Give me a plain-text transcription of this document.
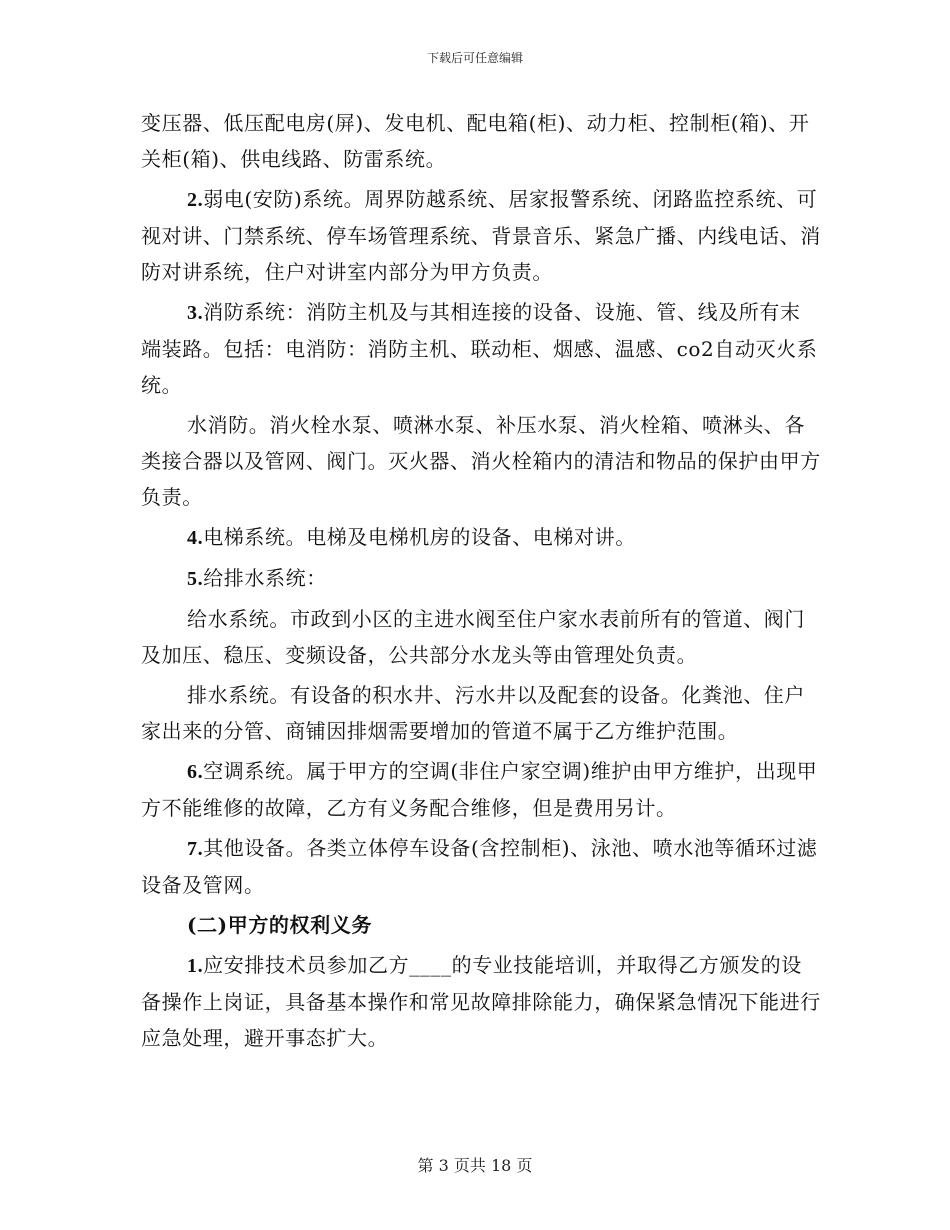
下载后可任意编辑

变压器、低压配电房(屏)、发电机、配电箱(柜)、动力柜、控制柜(箱)、开关柜(箱)、供电线路、防雷系统。

2.弱电(安防)系统。周界防越系统、居家报警系统、闭路监控系统、可视对讲、门禁系统、停车场管理系统、背景音乐、紧急广播、内线电话、消防对讲系统，住户对讲室内部分为甲方负责。

3.消防系统：消防主机及与其相连接的设备、设施、管、线及所有末端装路。包括：电消防：消防主机、联动柜、烟感、温感、co2自动灭火系统。

水消防。消火栓水泵、喷淋水泵、补压水泵、消火栓箱、喷淋头、各类接合器以及管网、阀门。灭火器、消火栓箱内的清洁和物品的保护由甲方负责。

4.电梯系统。电梯及电梯机房的设备、电梯对讲。

5.给排水系统：

给水系统。市政到小区的主进水阀至住户家水表前所有的管道、阀门及加压、稳压、变频设备，公共部分水龙头等由管理处负责。

排水系统。有设备的积水井、污水井以及配套的设备。化粪池、住户家出来的分管、商铺因排烟需要增加的管道不属于乙方维护范围。

6.空调系统。属于甲方的空调(非住户家空调)维护由甲方维护，出现甲方不能维修的故障，乙方有义务配合维修，但是费用另计。

7.其他设备。各类立体停车设备(含控制柜)、泳池、喷水池等循环过滤设备及管网。

(二)甲方的权利义务

1.应安排技术员参加乙方____的专业技能培训，并取得乙方颁发的设备操作上岗证，具备基本操作和常见故障排除能力，确保紧急情况下能进行应急处理，避开事态扩大。

第 3 页共 18 页
